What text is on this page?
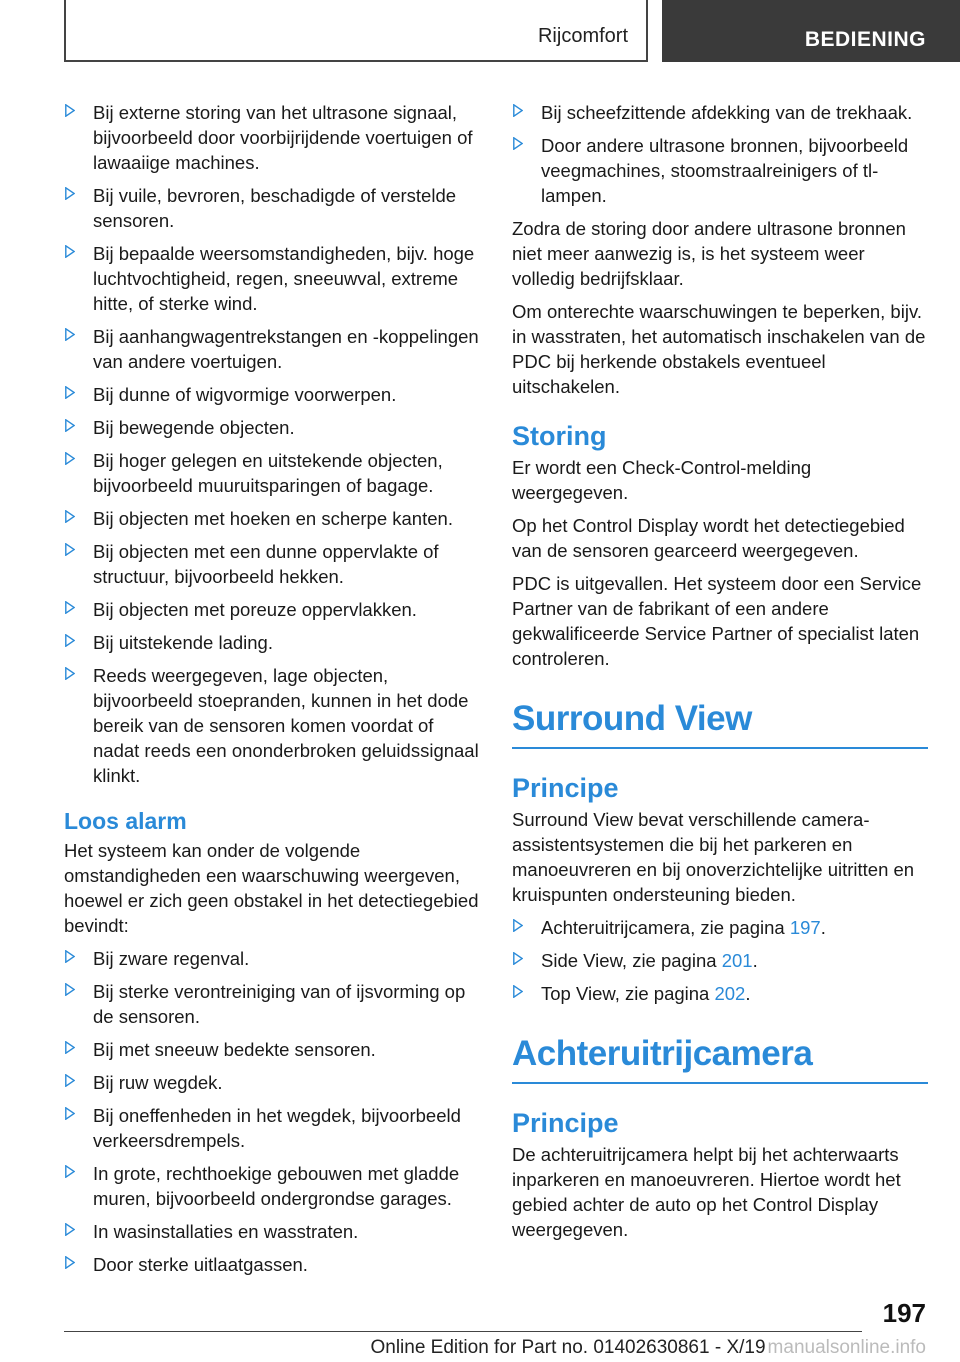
Rijcomfort	BEDIENING
Bij externe storing van het ultrasone signaal, bijvoorbeeld door voorbijrijdende voertuigen of lawaaiige machines.
Bij vuile, bevroren, beschadigde of verstelde sensoren.
Bij bepaalde weersomstandigheden, bijv. hoge luchtvochtigheid, regen, sneeuwval, extreme hitte, of sterke wind.
Bij aanhangwagentrekstangen en -koppelingen van andere voertuigen.
Bij dunne of wigvormige voorwerpen.
Bij bewegende objecten.
Bij hoger gelegen en uitstekende objecten, bijvoorbeeld muuruitsparingen of bagage.
Bij objecten met hoeken en scherpe kanten.
Bij objecten met een dunne oppervlakte of structuur, bijvoorbeeld hekken.
Bij objecten met poreuze oppervlakken.
Bij uitstekende lading.
Reeds weergegeven, lage objecten, bijvoorbeeld stoepranden, kunnen in het dode bereik van de sensoren komen voordat of nadat reeds een ononderbroken geluidssignaal klinkt.
Loos alarm

Het systeem kan onder de volgende omstandigheden een waarschuwing weergeven, hoewel er zich geen obstakel in het detectiegebied bevindt:

Bij zware regenval.
Bij sterke verontreiniging van of ijsvorming op de sensoren.
Bij met sneeuw bedekte sensoren.
Bij ruw wegdek.
Bij oneffenheden in het wegdek, bijvoorbeeld verkeersdrempels.
In grote, rechthoekige gebouwen met gladde muren, bijvoorbeeld ondergrondse garages.
In wasinstallaties en wasstraten.
Door sterke uitlaatgassen.
Bij scheefzittende afdekking van de trekhaak.
Door andere ultrasone bronnen, bijvoorbeeld veegmachines, stoomstraalreinigers of tl-lampen.

Zodra de storing door andere ultrasone bronnen niet meer aanwezig is, is het systeem weer volledig bedrijfsklaar.

Om onterechte waarschuwingen te beperken, bijv. in wasstraten, het automatisch inschakelen van de PDC bij herkende obstakels eventueel uitschakelen.

Storing

Er wordt een Check-Control-melding weergegeven.

Op het Control Display wordt het detectiegebied van de sensoren gearceerd weergegeven.

PDC is uitgevallen. Het systeem door een Service Partner van de fabrikant of een andere gekwalificeerde Service Partner of specialist laten controleren.

Surround View
Principe

Surround View bevat verschillende camera-assistentsystemen die bij het parkeren en manoeuvreren en bij onoverzichtelijke uitritten en kruispunten ondersteuning bieden.

Achteruitrijcamera, zie pagina 197.
Side View, zie pagina 201.
Top View, zie pagina 202.
Achteruitrijcamera
Principe

De achteruitrijcamera helpt bij het achterwaarts inparkeren en manoeuvreren. Hiertoe wordt het gebied achter de auto op het Control Display weergegeven.

197
Online Edition for Part no. 01402630861 - X/19 manualsonline.info
